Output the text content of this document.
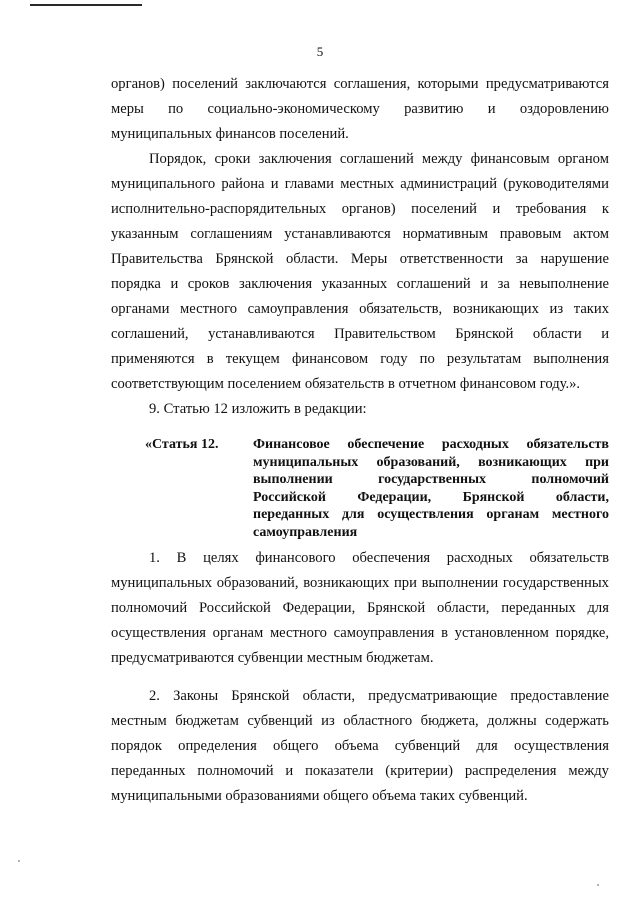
5
органов) поселений заключаются соглашения, которыми предусматриваются
меры по социально-экономическому развитию и оздоровлению
муниципальных финансов поселений.
Порядок, сроки заключения соглашений между финансовым органом
муниципального района и главами местных администраций (руководителями
исполнительно-распорядительных органов) поселений и требования к
указанным соглашениям устанавливаются нормативным правовым актом
Правительства Брянской области. Меры ответственности за нарушение
порядка и сроков заключения указанных соглашений и за невыполнение
органами местного самоуправления обязательств, возникающих из таких
соглашений, устанавливаются Правительством Брянской области и
применяются в текущем финансовом году по результатам выполнения
соответствующим поселением обязательств в отчетном финансовом году.».
9. Статью 12 изложить в редакции:
«Статья 12. Финансовое обеспечение расходных обязательств
муниципальных образований, возникающих при
выполнении	государственных	полномочий
Российской Федерации, Брянской области,
переданных для осуществления органам местного
самоуправления
1. В целях финансового обеспечения расходных обязательств
муниципальных образований, возникающих при выполнении государственных
полномочий Российской Федерации, Брянской области, переданных для
осуществления органам местного самоуправления в установленном порядке,
предусматриваются субвенции местным бюджетам.
2. Законы Брянской области, предусматривающие предоставление
местным бюджетам субвенций из областного бюджета, должны содержать
порядок определения общего объема субвенций для осуществления
переданных полномочий и показатели (критерии) распределения между
муниципальными образованиями общего объема таких субвенций.
